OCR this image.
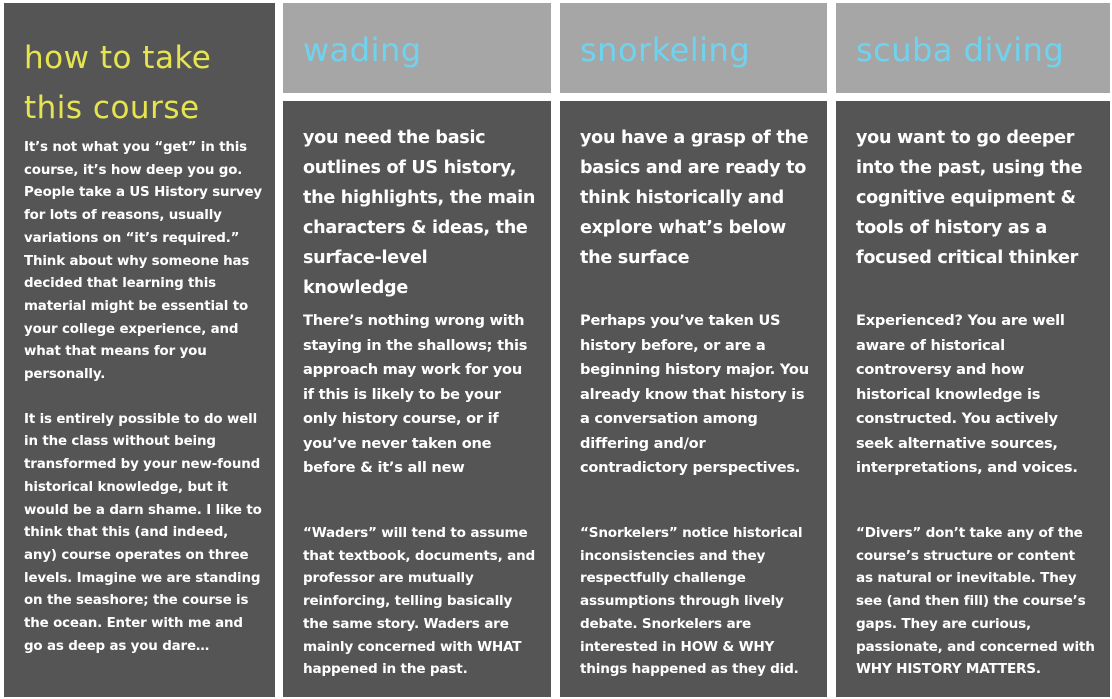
how to take
this course

It’s not what you “get” in this course, it’s how deep you go. People take a US History survey for lots of reasons, usually variations on “it’s required.” Think about why someone has decided that learning this material might be essential to your college experience, and what that means for you personally.

It is entirely possible to do well in the class without being transformed by your new-found historical knowledge, but it would be a darn shame. I like to think that this (and indeed, any) course operates on three levels. Imagine we are standing on the seashore; the course is the ocean. Enter with me and go as deep as you dare…

wading

you need the basic outlines of US history, the highlights, the main characters & ideas, the surface-level knowledge

There’s nothing wrong with staying in the shallows; this approach may work for you if this is likely to be your only history course, or if you’ve never taken one before & it’s all new

“Waders” will tend to assume that textbook, documents, and professor are mutually reinforcing, telling basically the same story. Waders are mainly concerned with WHAT happened in the past.

snorkeling

you have a grasp of the basics and are ready to think historically and explore what’s below the surface

Perhaps you’ve taken US history before, or are a beginning history major. You already know that history is a conversation among differing and/or contradictory perspectives.

“Snorkelers” notice historical inconsistencies and they respectfully challenge assumptions through lively debate. Snorkelers are interested in HOW & WHY things happened as they did.

scuba diving

you want to go deeper into the past, using the cognitive equipment & tools of history as a focused critical thinker

Experienced? You are well aware of historical controversy and how historical knowledge is constructed. You actively seek alternative sources, interpretations, and voices.

“Divers” don’t take any of the course’s structure or content as natural or inevitable. They see (and then fill) the course’s gaps. They are curious, passionate, and concerned with WHY HISTORY MATTERS.
